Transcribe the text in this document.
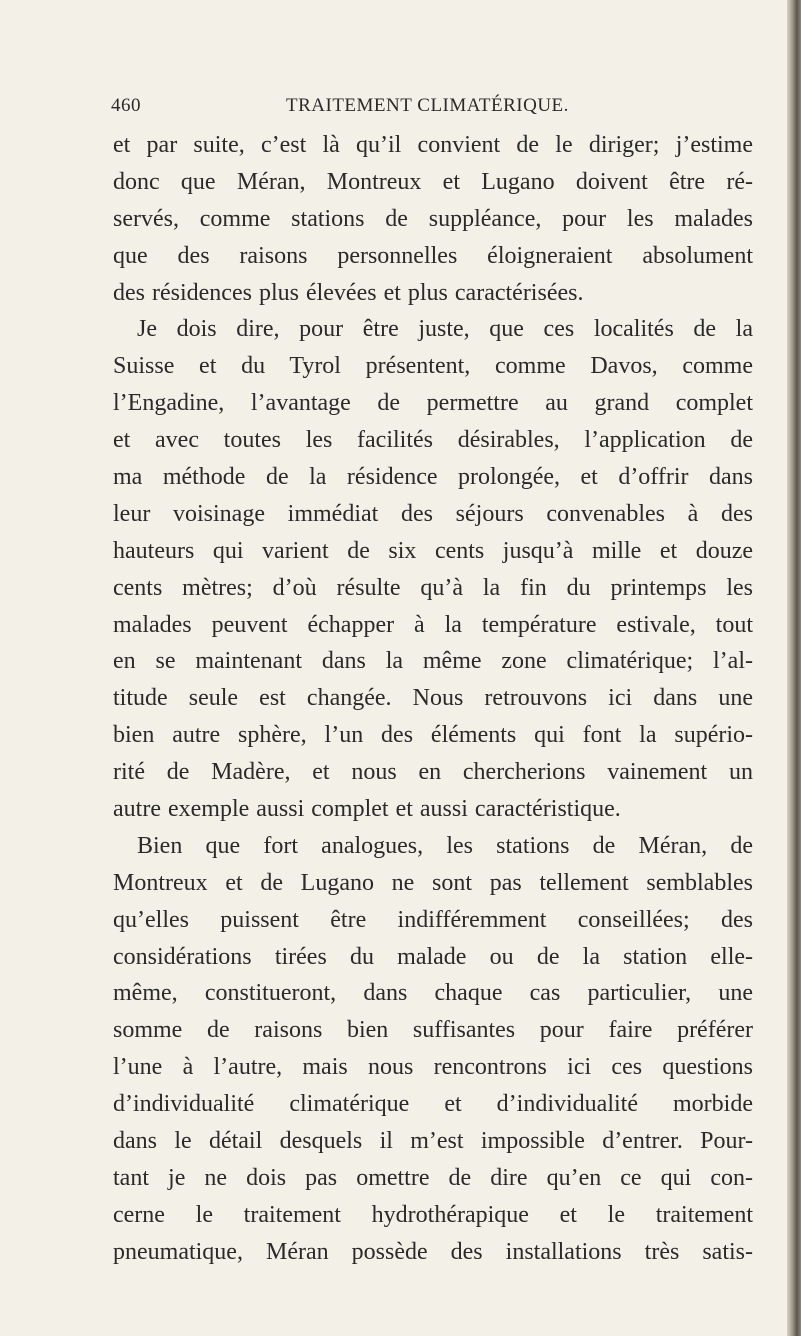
460	TRAITEMENT CLIMATÉRIQUE.
et par suite, c’est là qu’il convient de le diriger; j’estime
donc que Méran, Montreux et Lugano doivent être ré-
servés, comme stations de suppléance, pour les malades
que des raisons personnelles éloigneraient absolument
des résidences plus élevées et plus caractérisées.
Je dois dire, pour être juste, que ces localités de la
Suisse et du Tyrol présentent, comme Davos, comme
l’Engadine, l’avantage de permettre au grand complet
et avec toutes les facilités désirables, l’application de
ma méthode de la résidence prolongée, et d’offrir dans
leur voisinage immédiat des séjours convenables à des
hauteurs qui varient de six cents jusqu’à mille et douze
cents mètres; d’où résulte qu’à la fin du printemps les
malades peuvent échapper à la température estivale, tout
en se maintenant dans la même zone climatérique; l’al-
titude seule est changée. Nous retrouvons ici dans une
bien autre sphère, l’un des éléments qui font la supério-
rité de Madère, et nous en chercherions vainement un
autre exemple aussi complet et aussi caractéristique.
Bien que fort analogues, les stations de Méran, de
Montreux et de Lugano ne sont pas tellement semblables
qu’elles puissent être indifféremment conseillées; des
considérations tirées du malade ou de la station elle-
même, constitueront, dans chaque cas particulier, une
somme de raisons bien suffisantes pour faire préférer
l’une à l’autre, mais nous rencontrons ici ces questions
d’individualité climatérique et d’individualité morbide
dans le détail desquels il m’est impossible d’entrer. Pour-
tant je ne dois pas omettre de dire qu’en ce qui con-
cerne le traitement hydrothérapique et le traitement
pneumatique, Méran possède des installations très satis-
